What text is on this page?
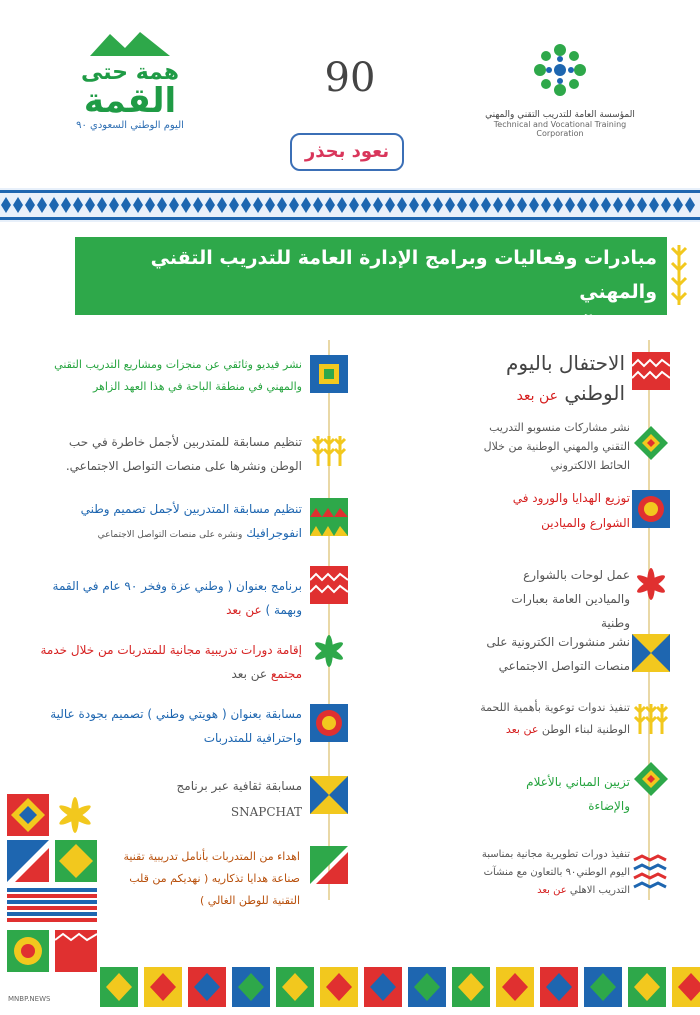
همة حتى
القمة
اليوم الوطني السعودي ٩٠
90
نعود بحذر
المؤسسة العامة للتدريب التقني والمهني
Technical and Vocational Training Corporation
مبادرات وفعاليات وبرامج الإدارة العامة للتدريب التقني والمهني
والمنشآت التدريبية بمنطقة الباحة بمناسبة اليوم الوطني٩٠
الاحتفال باليوم
الوطني عن بعد
نشر مشاركات منسوبو التدريب التقني والمهني الوطنية من خلال الحائط الالكتروني
توزيع الهدايا والورود في الشوارع والميادين
عمل لوحات بالشوارع والميادين العامة بعبارات وطنية
نشر منشورات الكترونية على منصات التواصل الاجتماعي
تنفيذ ندوات توعوية بأهمية اللحمة الوطنية لبناء الوطن عن بعد
تزيين المباني بالأعلام والإضاءة
تنفيذ دورات تطويرية مجانية بمناسبة اليوم الوطني٩٠ بالتعاون مع منشآت التدريب الاهلي عن بعد
نشر فيديو وثائقي عن منجزات ومشاريع التدريب التقني والمهني في منطقة الباحة في هذا العهد الزاهر
تنظيم مسابقة للمتدربين لأجمل خاطرة في حب الوطن ونشرها على منصات التواصل الاجتماعي.
تنظيم مسابقة المتدربين لأجمل تصميم وطني
انفوجرافيك ونشره على منصات التواصل الاجتماعي
برنامج بعنوان ( وطني عزة وفخر ٩٠ عام في القمة وبهمة ) عن بعد
إقامة دورات تدريبية مجانية للمتدربات من خلال خدمة مجتمع عن بعد
مسابقة بعنوان ( هويتي وطني ) تصميم بجودة عالية واحترافية للمتدربات
مسابقة ثقافية عبر برنامج
SNAPCHAT
اهداء من المتدربات بأنامل تدريبية تقنية صناعة هدايا تذكاريه ( نهديكم من قلب التقنية للوطن الغالي )
MNBP.NEWS
